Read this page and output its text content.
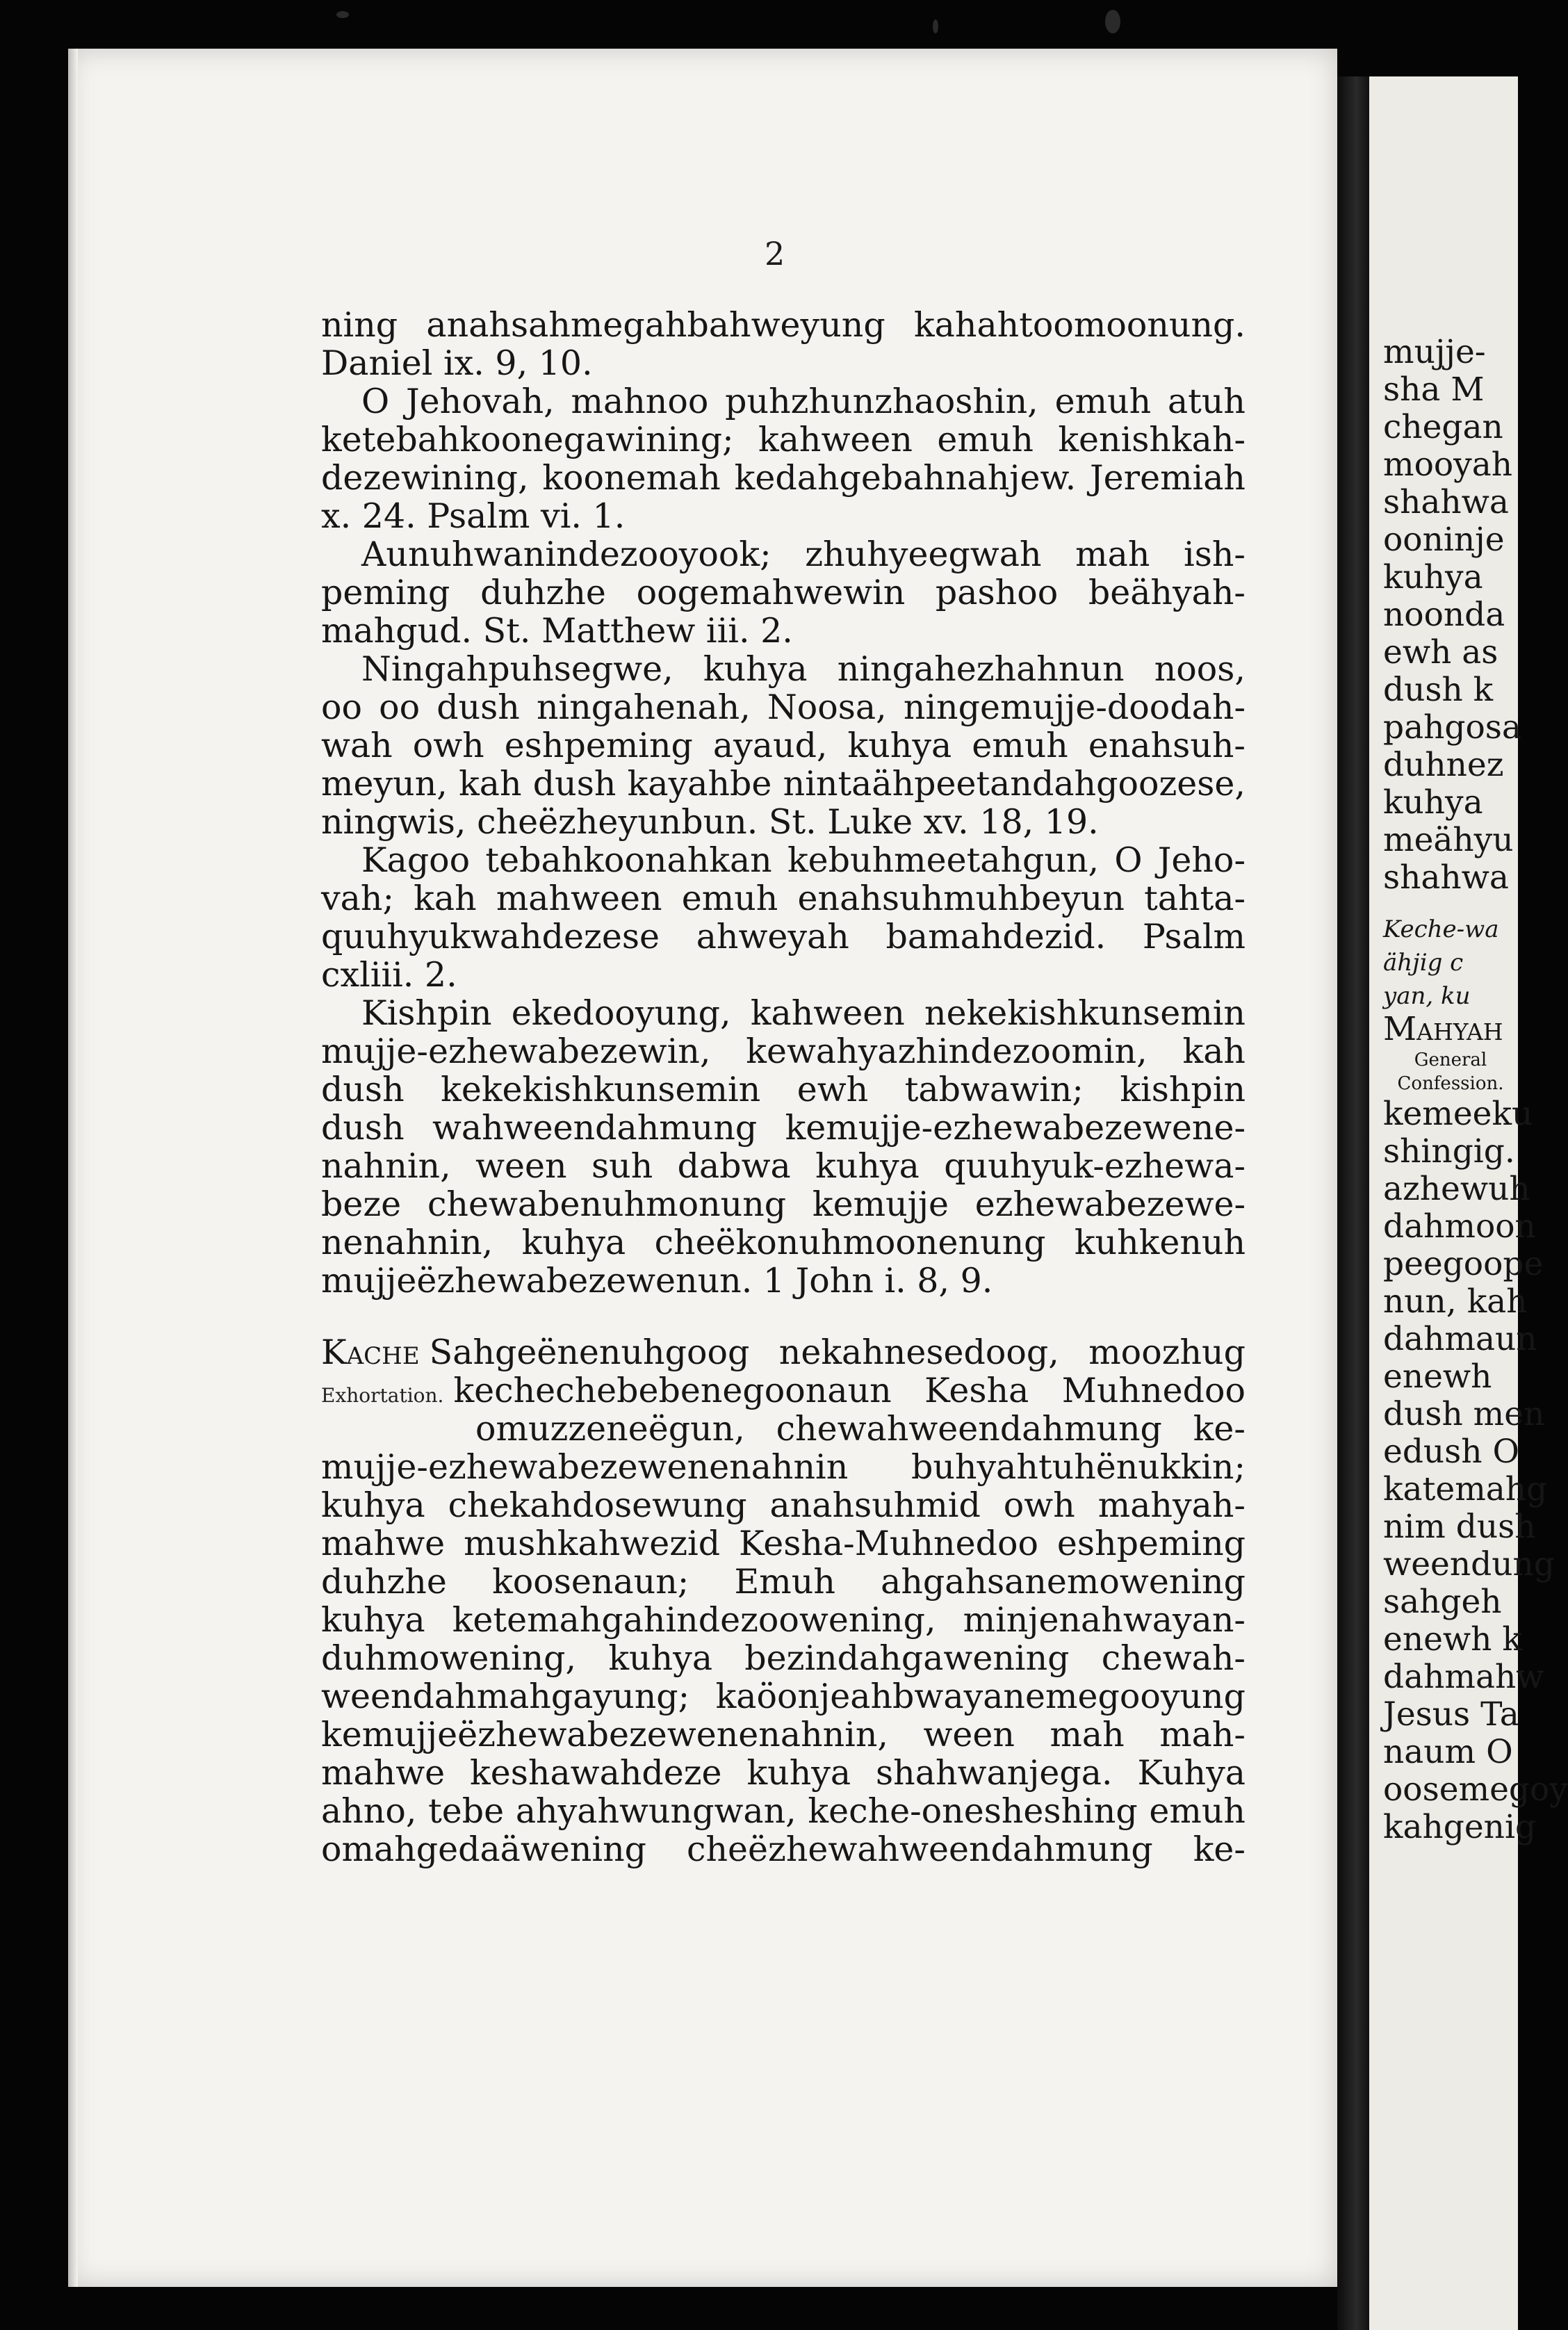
2
ning anahsahmegahbahweyung kahahtoomoonung.
Daniel ix. 9, 10.
O Jehovah, mahnoo puhzhunzhaoshin, emuh atuh
ketebahkoonegawining; kahween emuh kenishkah-
dezewining, koonemah kedahgebahnahjew. Jeremiah
x. 24. Psalm vi. 1.
Aunuhwanindezooyook; zhuhyeegwah mah ish-
peming duhzhe oogemahwewin pashoo beähyah-
mahgud. St. Matthew iii. 2.
Ningahpuhsegwe, kuhya ningahezhahnun noos,
oo oo dush ningahenah, Noosa, ningemujje-doodah-
wah owh eshpeming ayaud, kuhya emuh enahsuh-
meyun, kah dush kayahbe nintaähpeetandahgoozese,
ningwis, cheëzheyunbun. St. Luke xv. 18, 19.
Kagoo tebahkoonahkan kebuhmeetahgun, O Jeho-
vah; kah mahween emuh enahsuhmuhbeyun tahta-
quuhyukwahdezese ahweyah bamahdezid. Psalm
cxliii. 2.
Kishpin ekedooyung, kahween nekekishkunsemin
mujje-ezhewabezewin, kewahyazhindezoomin, kah
dush kekekishkunsemin ewh tabwawin; kishpin
dush wahweendahmung kemujje-ezhewabezewene-
nahnin, ween suh dabwa kuhya quuhyuk-ezhewa-
beze chewabenuhmonung kemujje ezhewabezewe-
nenahnin, kuhya cheëkonuhmoonenung kuhkenuh
mujjeëzhewabezewenun. 1 John i. 8, 9.
Kache Sahgeënenuhgoog nekahnesedoog, moozhug
Exhortation. kechechebebenegoonaun Kesha Muhnedoo
omuzzeneëgun, chewahweendahmung ke-
mujje-ezhewabezewenenahnin buhyahtuhënukkin;
kuhya chekahdosewung anahsuhmid owh mahyah-
mahwe mushkahwezid Kesha-Muhnedoo eshpeming
duhzhe koosenaun; Emuh ahgahsanemowening
kuhya ketemahgahindezoowening, minjenahwayan-
duhmowening, kuhya bezindahgawening chewah-
weendahmahgayung; kaöonjeahbwayanemegooyung
kemujjeëzhewabezewenenahnin, ween mah mah-
mahwe keshawahdeze kuhya shahwanjega. Kuhya
ahno, tebe ahyahwungwan, keche-onesheshing emuh
omahgedaäwening cheëzhewahweendahmung ke-
mujje-
sha M
chegan
mooyah
shahwa
ooninje
kuhya
noonda
ewh as
dush k
pahgosa
duhnez
kuhya
meähyu
shahwa
Keche-wa
ähjig c
yan, ku
Mahyah
General
Confession.
kemeeku
shingig.
azhewuh
dahmoon
peegoope
nun, kah
dahmaun
enewh
dush men
edush O
katemahg
nim dush
weendung
sahgeh
enewh k
dahmahw
Jesus Ta
naum O
oosemegoy
kahgenig
